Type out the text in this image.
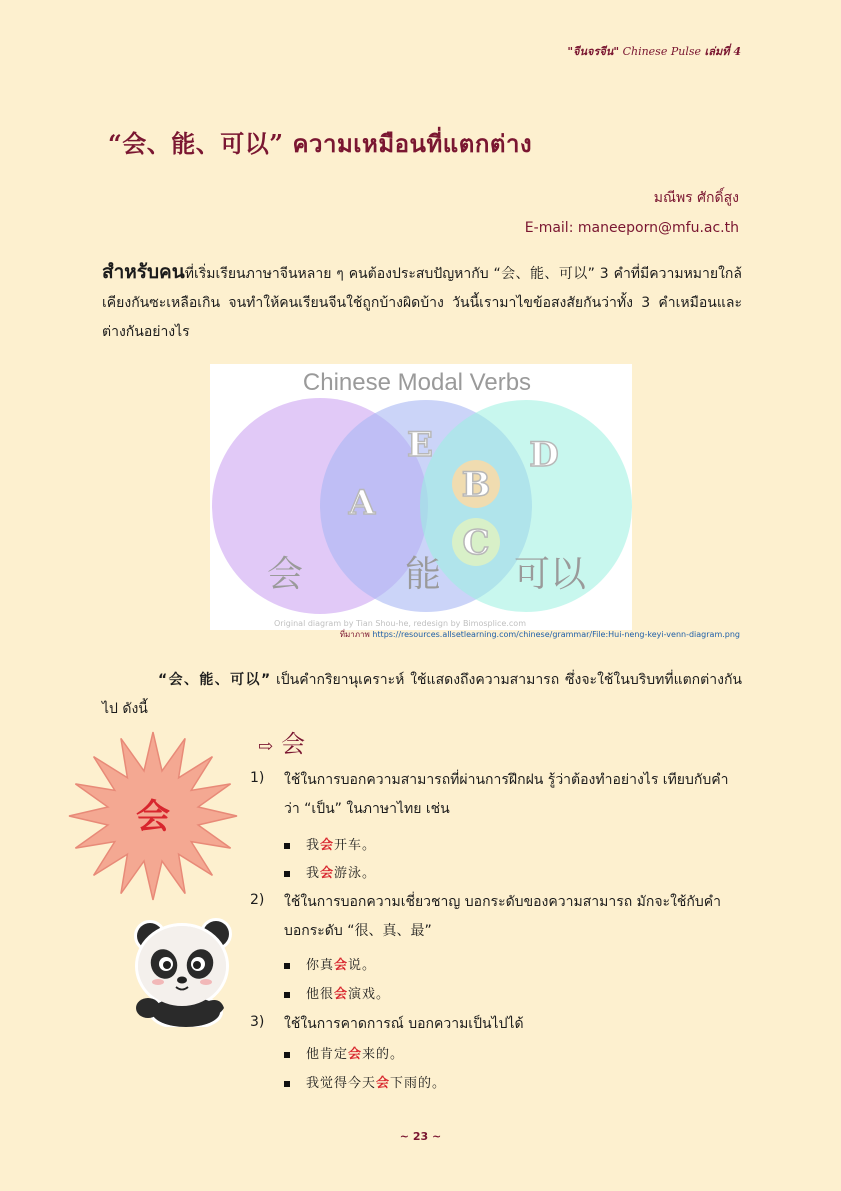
"จีนจรจีน" Chinese Pulse เล่มที่ 4
“会、能、可以” ความเหมือนที่แตกต่าง
มณีพร ศักดิ์สูง
E-mail: maneeporn@mfu.ac.th
สำหรับคนที่เริ่มเรียนภาษาจีนหลาย ๆ คนต้องประสบปัญหากับ “会、能、可以” 3 คำที่มีความหมายใกล้เคียงกันซะเหลือเกิน จนทำให้คนเรียนจีนใช้ถูกบ้างผิดบ้าง วันนี้เรามาไขข้อสงสัยกันว่าทั้ง 3 คำเหมือนและต่างกันอย่างไร
Chinese Modal Verbs
会	能 可以
A	B
C
D
E
Original diagram by Tian Shou-he, redesign by Bimosplice.com
ที่มาภาพ https://resources.allsetlearning.com/chinese/grammar/File:Hui-neng-keyi-venn-diagram.png
“会、能、可以” เป็นคำกริยานุเคราะห์ ใช้แสดงถึงความสามารถ ซึ่งจะใช้ในบริบทที่แตกต่างกันไป ดังนี้
会
⇨ 会
1) ใช้ในการบอกความสามารถที่ผ่านการฝึกฝน รู้ว่าต้องทำอย่างไร เทียบกับคำว่า “เป็น” ในภาษาไทย เช่น
我会开车。
我会游泳。
2) ใช้ในการบอกความเชี่ยวชาญ บอกระดับของความสามารถ มักจะใช้กับคำบอกระดับ “很、真、最”
你真会说。
他很会演戏。
3) ใช้ในการคาดการณ์ บอกความเป็นไปได้
他肯定会来的。
我觉得今天会下雨的。
~ 23 ~
